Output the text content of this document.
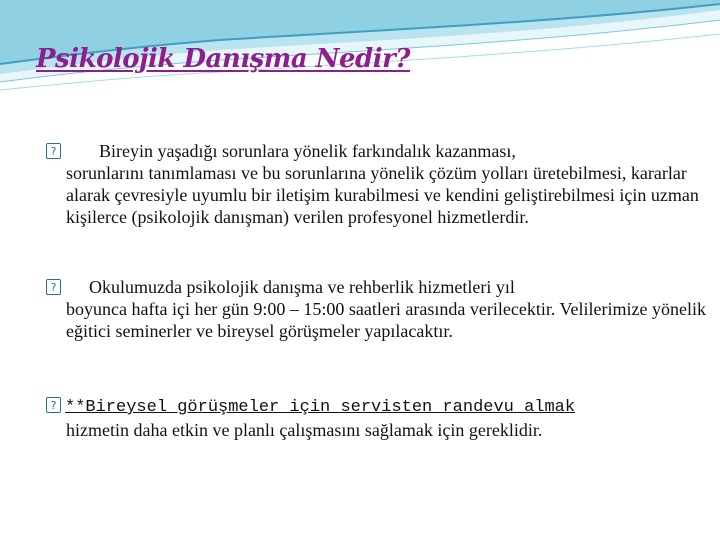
Psikolojik Danışma Nedir?
?Bireyin yaşadığı sorunlara yönelik farkındalık kazanması,
sorunlarını tanımlaması ve bu sorunlarına yönelik çözüm yolları üretebilmesi, kararlar alarak çevresiyle uyumlu bir iletişim kurabilmesi ve kendini geliştirebilmesi için uzman kişilerce (psikolojik danışman) verilen profesyonel hizmetlerdir.
?Okulumuzda psikolojik danışma ve rehberlik hizmetleri yıl
boyunca hafta içi her gün 9:00 – 15:00 saatleri arasında verilecektir. Velilerimize yönelik eğitici seminerler ve bireysel görüşmeler yapılacaktır.
?**Bireysel görüşmeler için servisten randevu almak
hizmetin daha etkin ve planlı çalışmasını sağlamak için gereklidir.
